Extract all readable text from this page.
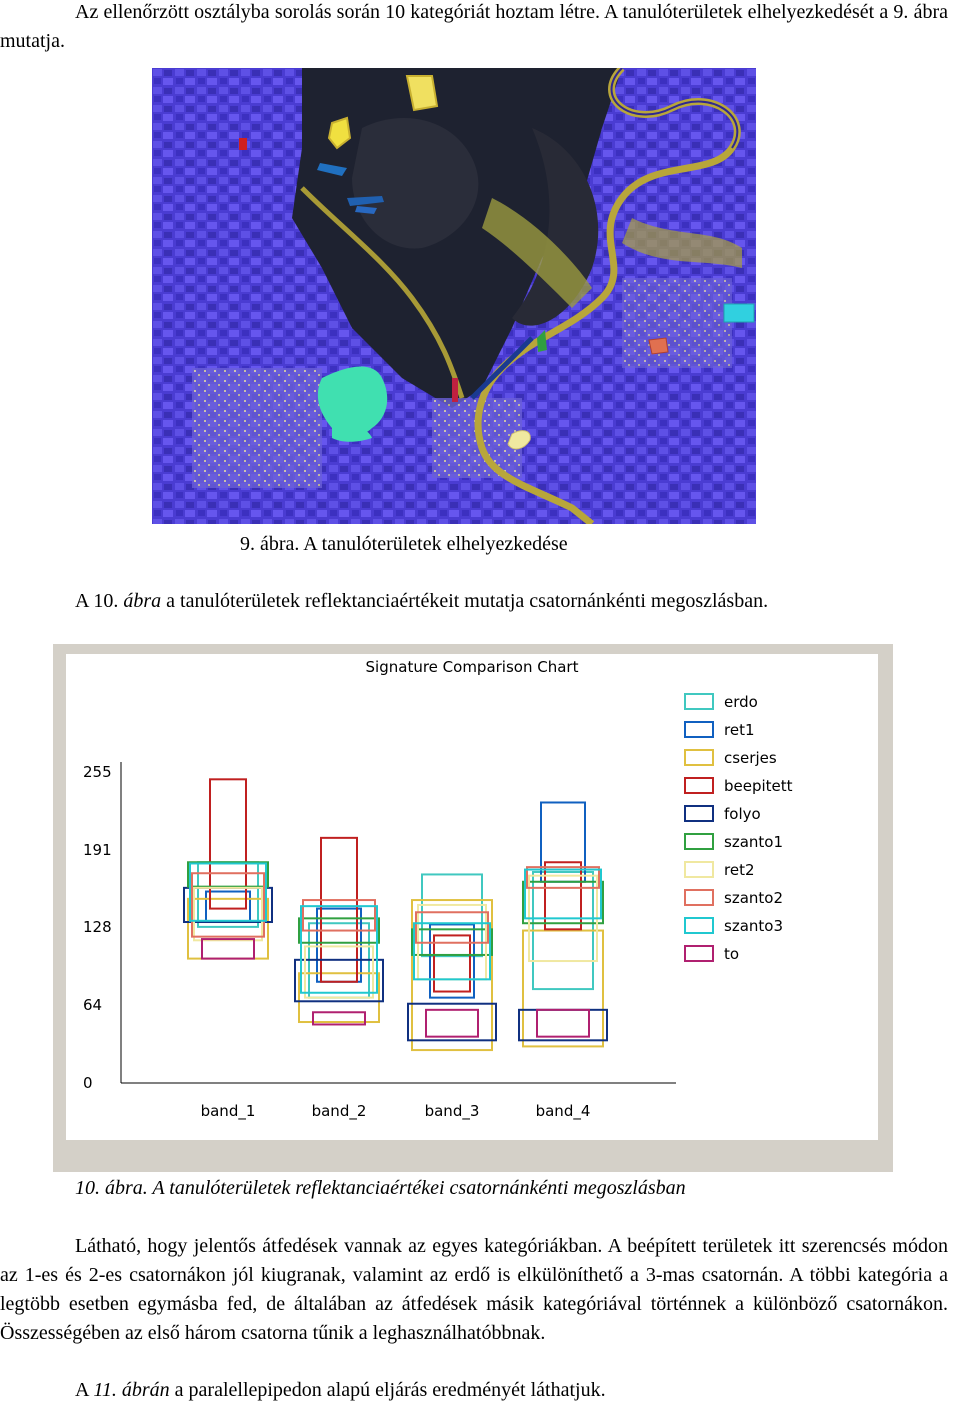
Az ellenőrzött osztályba sorolás során 10 kategóriát hoztam létre. A tanulóterületek elhelyezkedését a 9. ábra mutatja.

9. ábra. A tanulóterületek elhelyezkedése

A 10. ábra a tanulóterületek reflektanciaértékeit mutatja csatornánkénti megoszlásban.

Signature Comparison Chart
255
191
128
64
0
band_1	band_2	band_3	band_4
erdo
ret1
cserjes
beepitett
folyo
szanto1
ret2
szanto2
szanto3
to

10. ábra. A tanulóterületek reflektanciaértékei csatornánkénti megoszlásban

Látható, hogy jelentős átfedések vannak az egyes kategóriákban. A beépített területek itt szerencsés módon az 1-es és 2-es csatornákon jól kiugranak, valamint az erdő is elkülöníthető a 3-mas csatornán. A többi kategória a legtöbb esetben egymásba fed, de általában az átfedések másik kategóriával történnek a különböző csatornákon. Összességében az első három csatorna tűnik a leghasználhatóbbnak.

A 11. ábrán a paralellepipedon alapú eljárás eredményét láthatjuk.
